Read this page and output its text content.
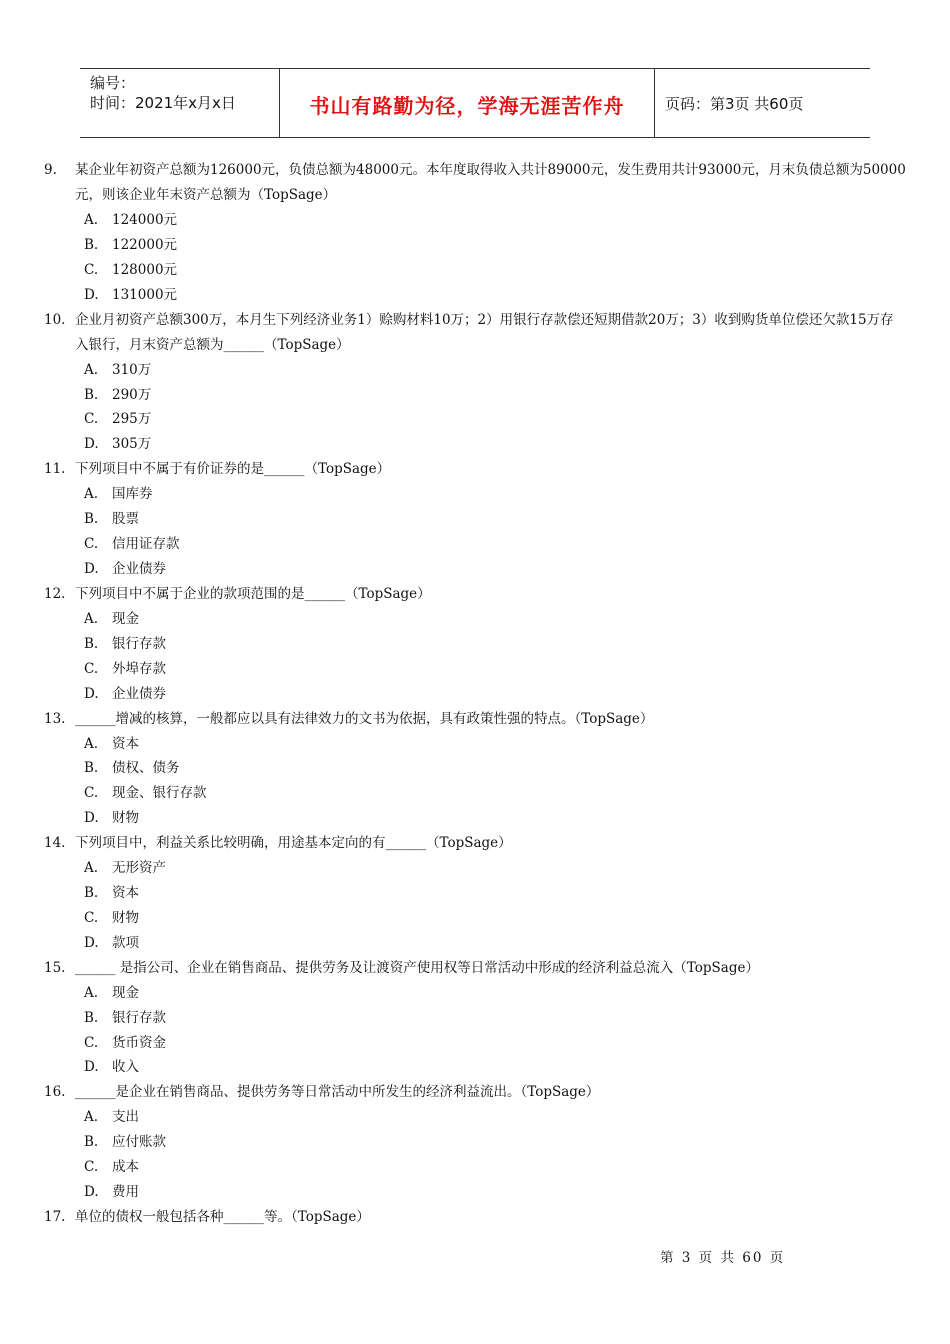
编号：
时间：2021年x月x日	书山有路勤为径，学海无涯苦作舟	页码：第3页 共60页
9. 某企业年初资产总额为126000元，负债总额为48000元。本年度取得收入共计89000元，发生费用共计93000元，月末负债总额为50000元，则该企业年末资产总额为（TopSage）
A. 124000元
B. 122000元
C. 128000元
D. 131000元
10. 企业月初资产总额300万，本月生下列经济业务1）赊购材料10万；2）用银行存款偿还短期借款20万；3）收到购货单位偿还欠款15万存入银行，月末资产总额为______（TopSage）
A. 310万
B. 290万
C. 295万
D. 305万
11. 下列项目中不属于有价证券的是______（TopSage）
A. 国库券
B. 股票
C. 信用证存款
D. 企业债券
12. 下列项目中不属于企业的款项范围的是______（TopSage）
A. 现金
B. 银行存款
C. 外埠存款
D. 企业债券
13. ______增减的核算，一般都应以具有法律效力的文书为依据，具有政策性强的特点。（TopSage）
A. 资本
B. 债权、债务
C. 现金、银行存款
D. 财物
14. 下列项目中，利益关系比较明确，用途基本定向的有______（TopSage）
A. 无形资产
B. 资本
C. 财物
D. 款项
15. ______ 是指公司、企业在销售商品、提供劳务及让渡资产使用权等日常活动中形成的经济利益总流入（TopSage）
A. 现金
B. 银行存款
C. 货币资金
D. 收入
16. ______是企业在销售商品、提供劳务等日常活动中所发生的经济利益流出。（TopSage）
A. 支出
B. 应付账款
C. 成本
D. 费用
17. 单位的债权一般包括各种______等。（TopSage）
第 3 页 共 60 页
